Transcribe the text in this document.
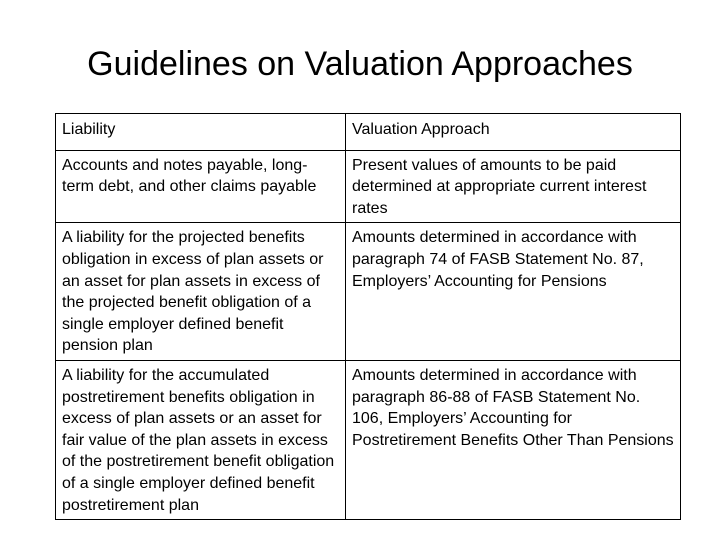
Guidelines on Valuation Approaches
Liability	Valuation Approach
Accounts and notes payable, long-term debt, and other claims payable	Present values of amounts to be paid determined at appropriate current interest rates
A liability for the projected benefits obligation in excess of plan assets or an asset for plan assets in excess of the projected benefit obligation of a single employer defined benefit pension plan	Amounts determined in accordance with paragraph 74 of FASB Statement No. 87, Employers’ Accounting for Pensions
A liability for the accumulated postretirement benefits obligation in excess of plan assets or an asset for fair value of the plan assets in excess of the postretirement benefit obligation of a single employer defined benefit postretirement plan	Amounts determined in accordance with paragraph 86-88 of FASB Statement No. 106, Employers’ Accounting for Postretirement Benefits Other Than Pensions
